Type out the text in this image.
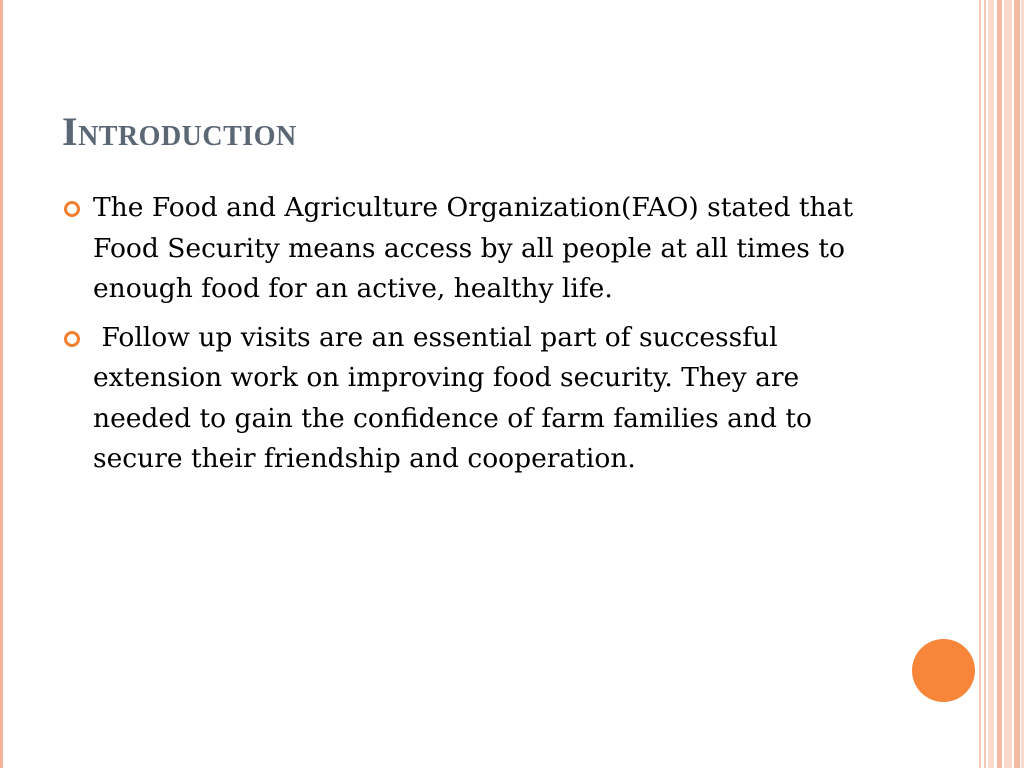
Introduction
The Food and Agriculture Organization(FAO) stated that Food Security means access by all people at all times to enough food for an active, healthy life.
Follow up visits are an essential part of successful extension work on improving food security. They are needed to gain the confidence of farm families and to secure their friendship and cooperation.
